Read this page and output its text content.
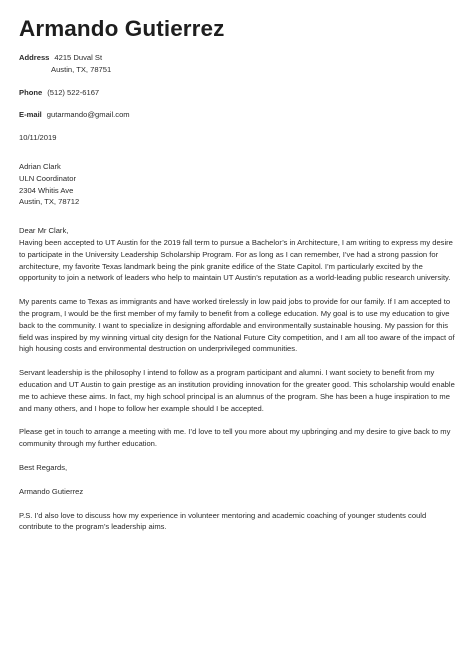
Armando Gutierrez
Address 4215 Duval St
Austin, TX, 78751
Phone (512) 522-6167
E-mail gutarmando@gmail.com
10/11/2019
Adrian Clark
ULN Coordinator
2304 Whitis Ave
Austin, TX, 78712
Dear Mr Clark,

Having been accepted to UT Austin for the 2019 fall term to pursue a Bachelor’s in Architecture, I am writing to express my desire to participate in the University Leadership Scholarship Program. For as long as I can remember, I’ve had a strong passion for architecture, my favorite Texas landmark being the pink granite edifice of the State Capitol. I’m particularly excited by the opportunity to join a network of leaders who help to maintain UT Austin’s reputation as a world-leading public research university.

My parents came to Texas as immigrants and have worked tirelessly in low paid jobs to provide for our family. If I am accepted to the program, I would be the first member of my family to benefit from a college education. My goal is to use my education to give back to the community. I want to specialize in designing affordable and environmentally sustainable housing. My passion for this field was inspired by my winning virtual city design for the National Future City competition, and I am all too aware of the impact of high housing costs and environmental destruction on underprivileged communities.

Servant leadership is the philosophy I intend to follow as a program participant and alumni. I want society to benefit from my education and UT Austin to gain prestige as an institution providing innovation for the greater good. This scholarship would enable me to achieve these aims. In fact, my high school principal is an alumnus of the program. She has been a huge inspiration to me and many others, and I hope to follow her example should I be accepted.

Please get in touch to arrange a meeting with me. I’d love to tell you more about my upbringing and my desire to give back to my community through my further education.

Best Regards,
Armando Gutierrez
P.S. I’d also love to discuss how my experience in volunteer mentoring and academic coaching of younger students could contribute to the program’s leadership aims.
